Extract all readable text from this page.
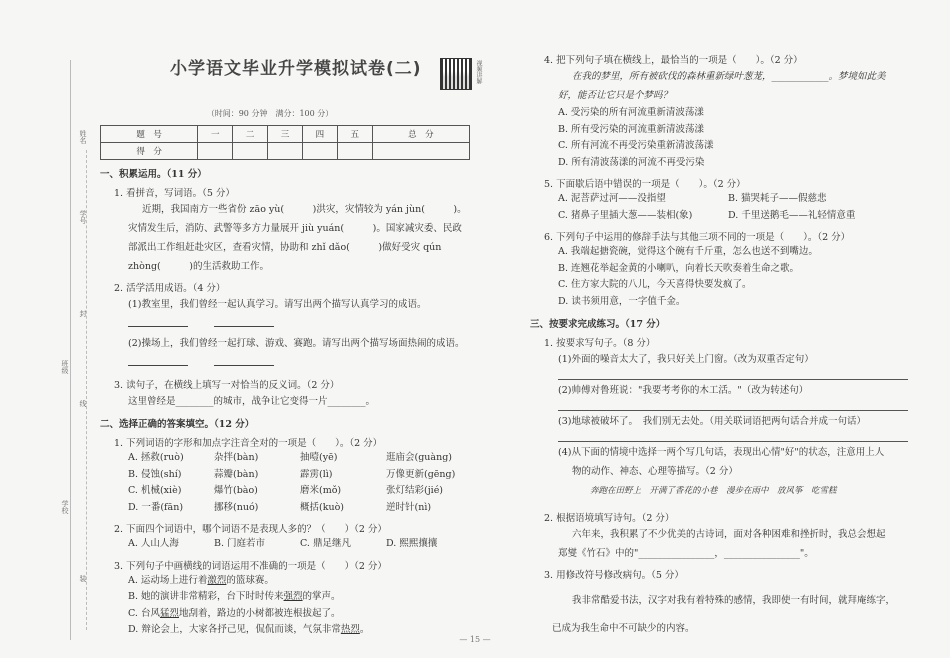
姓名
学号
封
班级
线
学校
装
小学语文毕业升学模拟试卷(二)	视频讲解
（时间：90 分钟　满分：100 分）
题　号	一	二	三	四	五	总　分
得　分						
一、积累运用。（11 分）
1. 看拼音，写词语。（5 分）
近期，我国南方一些省份 zāo yù(　　　)洪灾，灾情较为 yán jùn(　　　)。
灾情发生后，消防、武警等多方力量展开 jiù yuán(　　　)。国家减灾委、民政
部派出工作组赶赴灾区，查看灾情，协助和 zhǐ dǎo(　　　)做好受灾 qún
zhòng(　　　)的生活救助工作。
2. 活学活用成语。（4 分）
(1)教室里，我们曾经一起认真学习。请写出两个描写认真学习的成语。

(2)操场上，我们曾经一起打球、游戏、赛跑。请写出两个描写场面热闹的成语。

3. 读句子，在横线上填写一对恰当的反义词。（2 分）
这里曾经是________的城市，战争让它变得一片________。
二、选择正确的答案填空。（12 分）
1. 下列词语的字形和加点字注音全对的一项是（　　）。（2 分）
A. 拯救(ruò)	杂拌(bàn)	抽噎(yē)	逛庙会(guàng)
B. 侵蚀(shí)	蒜瓣(bàn)	霹雳(lì)	万像更新(gēng)
C. 机械(xiè)	爆竹(bào)	磨米(mǒ)	张灯结彩(jié)
D. 一番(fān)	挪移(nuó)	概括(kuò)	逆时针(nì)
2. 下面四个词语中，哪个词语不是表现人多的？（　　）（2 分）
A. 人山人海	B. 门庭若市	C. 鼎足继凡	D. 熙熙攘攘
3. 下列句子中画横线的词语运用不准确的一项是（　　）（2 分）
A. 运动场上进行着激烈的篮球赛。
B. 她的演讲非常精彩，台下时时传来强烈的掌声。
C. 台风猛烈地刮着，路边的小树都被连根拔起了。
D. 辩论会上，大家各抒己见，侃侃而谈，气氛非常热烈。
4. 把下列句子填在横线上，最恰当的一项是（　　）。（2 分）
在我的梦里，所有被砍伐的森林重新绿叶葱茏，____________。梦境如此美
好，能否让它只是个梦吗？
A. 受污染的所有河流重新清波荡漾
B. 所有受污染的河流重新清波荡漾
C. 所有河流不再受污染重新清波荡漾
D. 所有清波荡漾的河流不再受污染
5. 下面歇后语中错误的一项是（　　）。（2 分）
A. 泥菩萨过河——没指望	B. 猫哭耗子——假慈悲
C. 猪鼻子里插大葱——装相(象)	D. 千里送鹅毛——礼轻情意重
6. 下列句子中运用的修辞手法与其他三项不同的一项是（　　）。（2 分）
A. 我端起搪瓷碗，觉得这个碗有千斤重，怎么也送不到嘴边。
B. 连翘花举起金黄的小喇叭，向着长天吹奏着生命之歌。
C. 住方家大院的八儿，今天喜得快要发疯了。
D. 读书须用意，一字值千金。
三、按要求完成练习。（17 分）
1. 按要求写句子。（8 分）
(1)外面的噪音太大了，我只好关上门窗。（改为双重否定句）
(2)帅傅对鲁班说："我要考考你的木工活。"（改为转述句）
(3)地球被破坏了。　我们别无去处。（用关联词语把两句话合并成一句话）
(4)从下面的情境中选择一两个写几句话，表现出心情"好"的状态，注意用上人
物的动作、神态、心理等描写。（2 分）
奔跑在田野上　开满了香花的小巷　漫步在雨中　放风筝　吃雪糕
2. 根据语境填写诗句。（2 分）
六年来，我积累了不少优美的古诗词，面对各种困难和挫折时，我总会想起
郑燮《竹石》中的"________________，________________"。
3. 用修改符号修改病句。（5 分）
我非常酷爱书法，汉字对我有着特殊的感情，我即使一有时间，就拜庵练字，
已成为我生命中不可缺少的内容。
— 15 —
